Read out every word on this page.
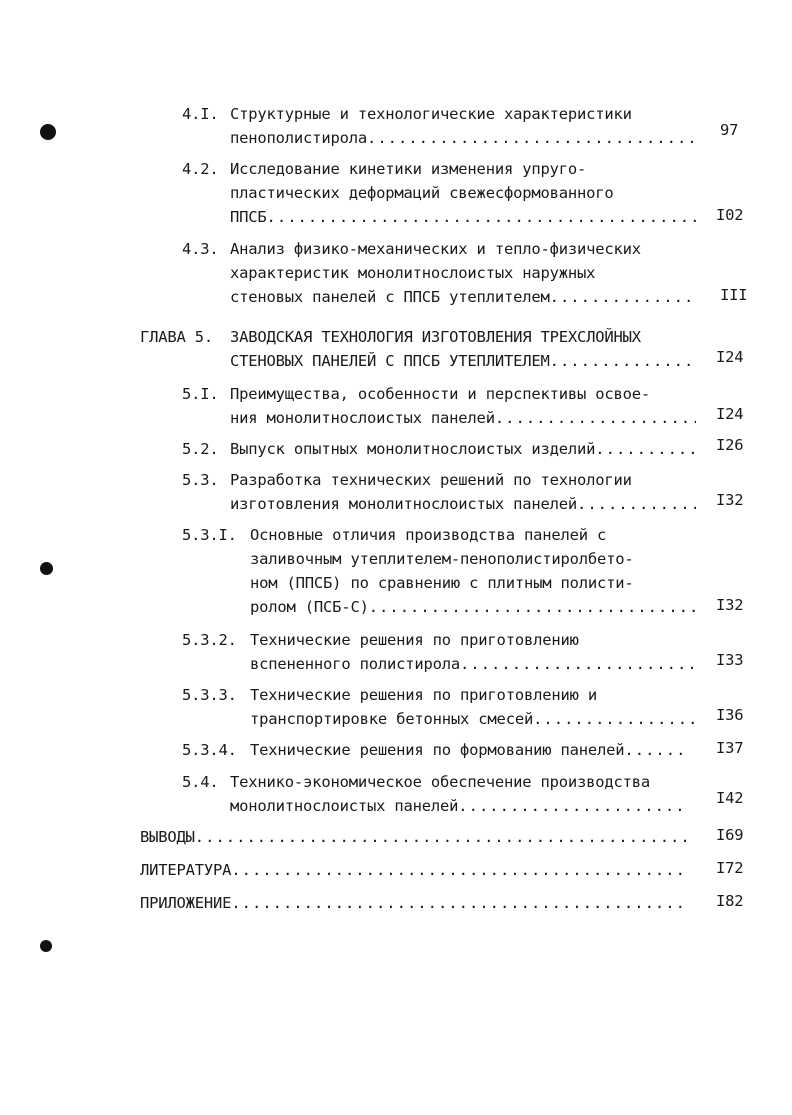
4.I. Структурные и технологические характеристики
пенополистирола .....	97
4.2. Исследование кинетики изменения упруго-
пластических деформаций свежесформованного
ППСБ .....	I02
4.3. Анализ физико-механических и тепло-физических
характеристик монолитнослоистых наружных
стеновых панелей с ППСБ утеплителем .....	III
ГЛАВА 5. ЗАВОДСКАЯ ТЕХНОЛОГИЯ ИЗГОТОВЛЕНИЯ ТРЕХСЛОЙНЫХ
СТЕНОВЫХ ПАНЕЛЕЙ С ППСБ УТЕПЛИТЕЛЕМ .....	I24
5.I. Преимущества, особенности и перспективы освое-
ния монолитнослоистых панелей .....	I24
5.2. Выпуск опытных монолитнослоистых изделий .....	I26
5.3. Разработка технических решений по технологии
изготовления монолитнослоистых панелей .....	I32
5.3.I. Основные отличия производства панелей с
заливочным утеплителем-пенополистиролбето-
ном (ППСБ) по сравнению с плитным полисти-
ролом (ПСБ-С) .....	I32
5.3.2. Технические решения по приготовлению
вспененного полистирола .....	I33
5.3.3. Технические решения по приготовлению и
транспортировке бетонных смесей .....	I36
5.3.4. Технические решения по формованию панелей .....	I37
5.4. Технико-экономическое обеспечение производства
монолитнослоистых панелей .....	I42
ВЫВОДЫ .....	I69
ЛИТЕРАТУРА .....	I72
ПРИЛОЖЕНИЕ .....	I82
